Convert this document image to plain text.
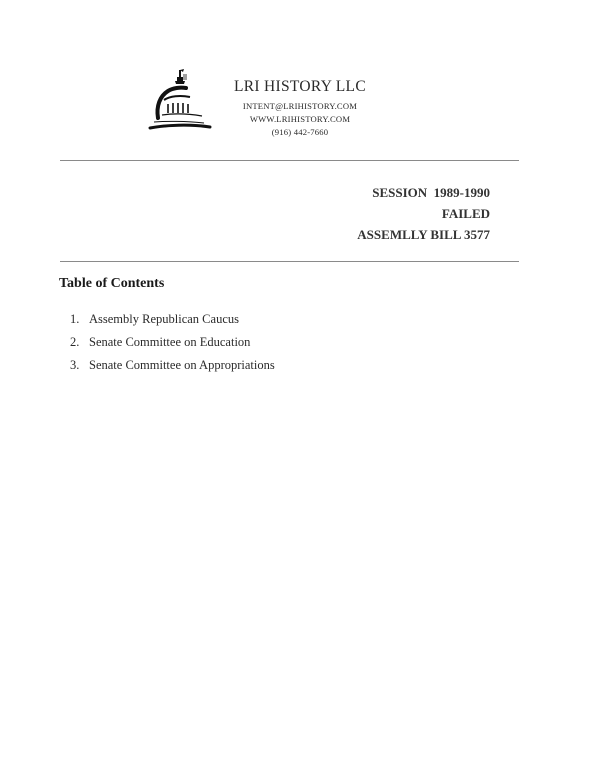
LRI HISTORY LLC

INTENT@LRIHISTORY.COM

WWW.LRIHISTORY.COM

(916) 442-7660

SESSION  1989-1990

FAILED

ASSEMLLY BILL 3577

Table of Contents

1. Assembly Republican Caucus
2. Senate Committee on Education
3. Senate Committee on Appropriations
